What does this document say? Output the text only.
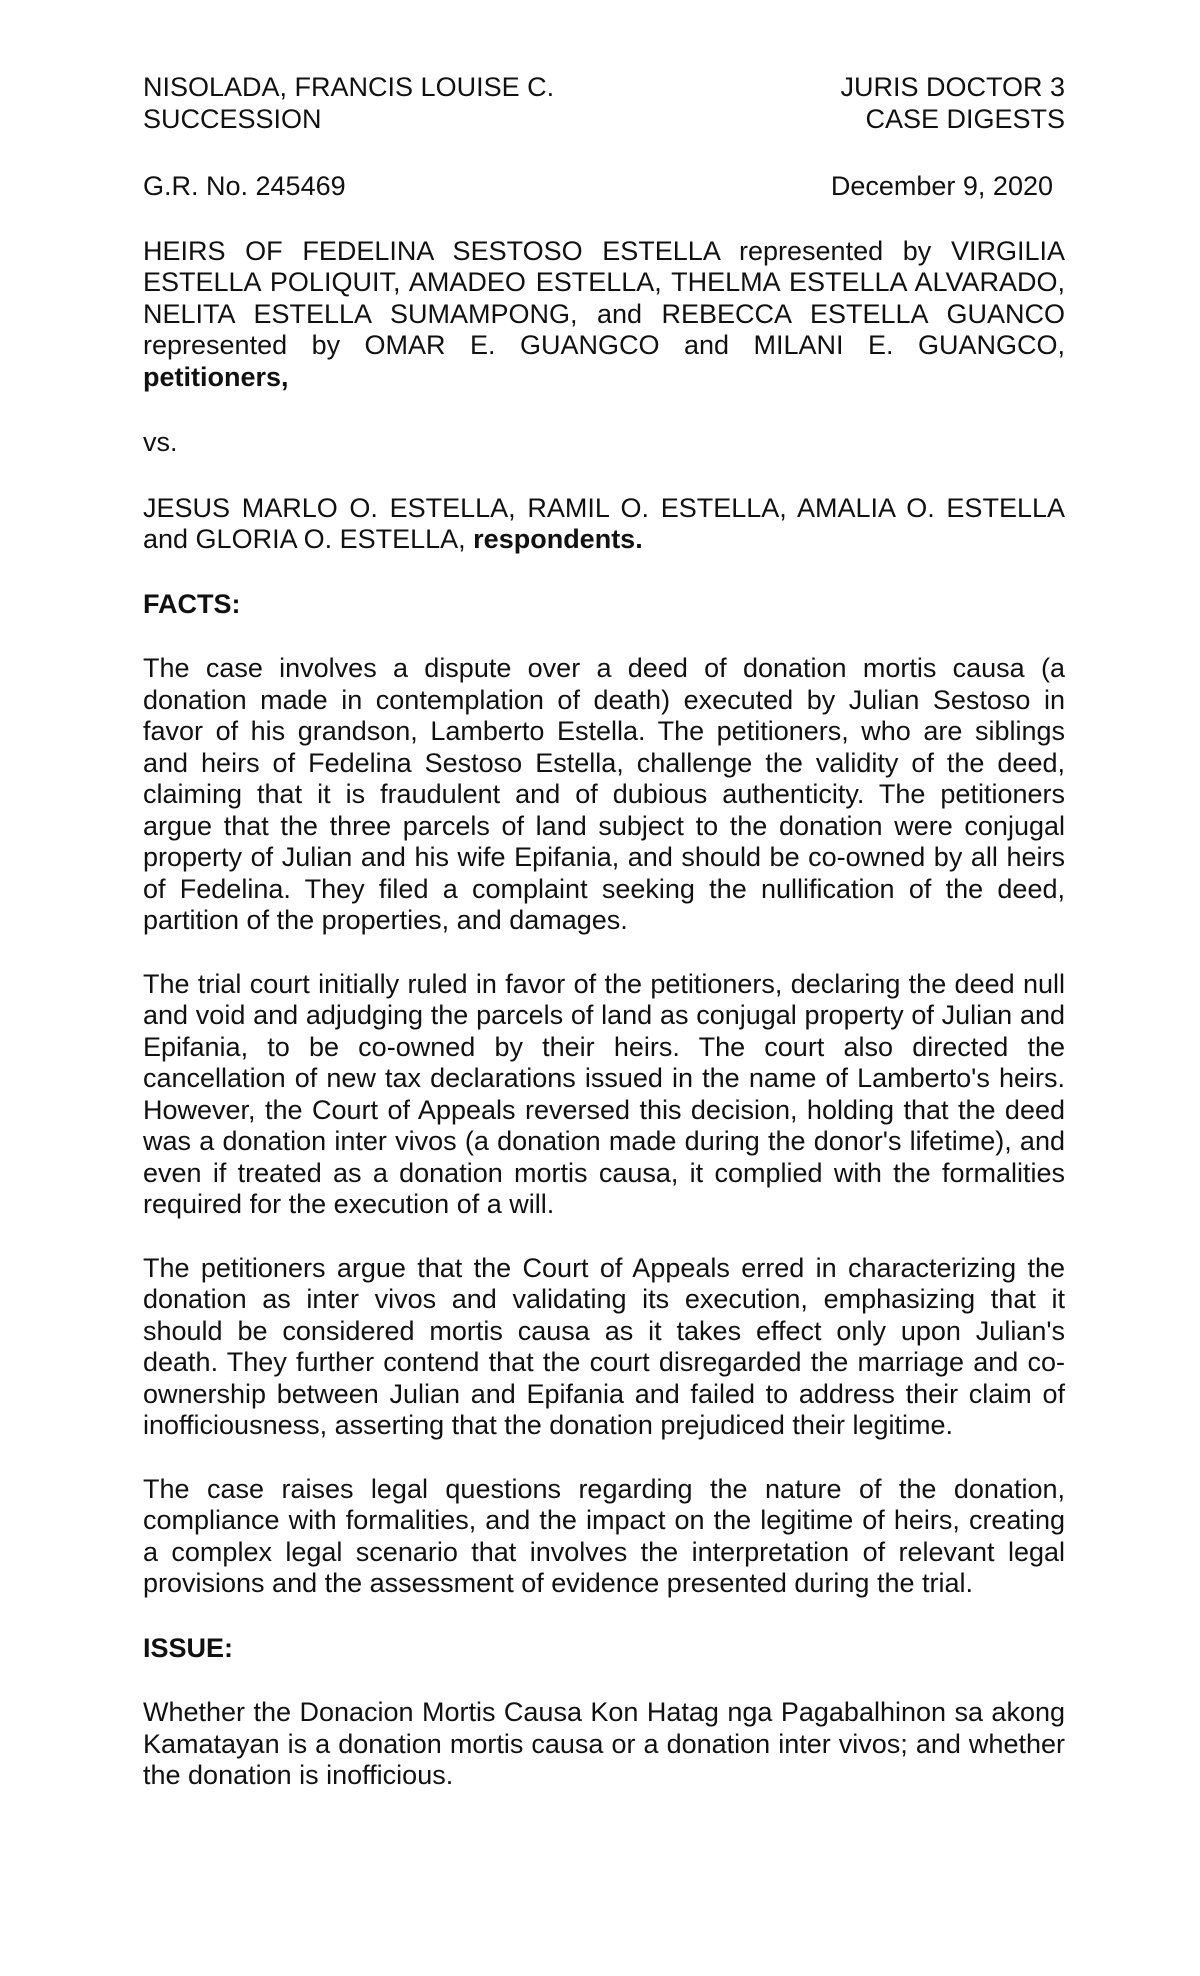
NISOLADA, FRANCIS LOUISE C.
SUCCESSION
JURIS DOCTOR 3
CASE DIGESTS
G.R. No. 245469	December 9, 2020
HEIRS OF FEDELINA SESTOSO ESTELLA represented by VIRGILIA ESTELLA POLIQUIT, AMADEO ESTELLA, THELMA ESTELLA ALVARADO, NELITA ESTELLA SUMAMPONG, and REBECCA ESTELLA GUANCO represented by OMAR E. GUANGCO and MILANI E. GUANGCO, petitioners,
vs.
JESUS MARLO O. ESTELLA, RAMIL O. ESTELLA, AMALIA O. ESTELLA and GLORIA O. ESTELLA, respondents.
FACTS:
The case involves a dispute over a deed of donation mortis causa (a donation made in contemplation of death) executed by Julian Sestoso in favor of his grandson, Lamberto Estella. The petitioners, who are siblings and heirs of Fedelina Sestoso Estella, challenge the validity of the deed, claiming that it is fraudulent and of dubious authenticity. The petitioners argue that the three parcels of land subject to the donation were conjugal property of Julian and his wife Epifania, and should be co-owned by all heirs of Fedelina. They filed a complaint seeking the nullification of the deed, partition of the properties, and damages.
The trial court initially ruled in favor of the petitioners, declaring the deed null and void and adjudging the parcels of land as conjugal property of Julian and Epifania, to be co-owned by their heirs. The court also directed the cancellation of new tax declarations issued in the name of Lamberto's heirs. However, the Court of Appeals reversed this decision, holding that the deed was a donation inter vivos (a donation made during the donor's lifetime), and even if treated as a donation mortis causa, it complied with the formalities required for the execution of a will.
The petitioners argue that the Court of Appeals erred in characterizing the donation as inter vivos and validating its execution, emphasizing that it should be considered mortis causa as it takes effect only upon Julian's death. They further contend that the court disregarded the marriage and co-ownership between Julian and Epifania and failed to address their claim of inofficiousness, asserting that the donation prejudiced their legitime.
The case raises legal questions regarding the nature of the donation, compliance with formalities, and the impact on the legitime of heirs, creating a complex legal scenario that involves the interpretation of relevant legal provisions and the assessment of evidence presented during the trial.
ISSUE:
Whether the Donacion Mortis Causa Kon Hatag nga Pagabalhinon sa akong Kamatayan is a donation mortis causa or a donation inter vivos; and whether the donation is inofficious.
